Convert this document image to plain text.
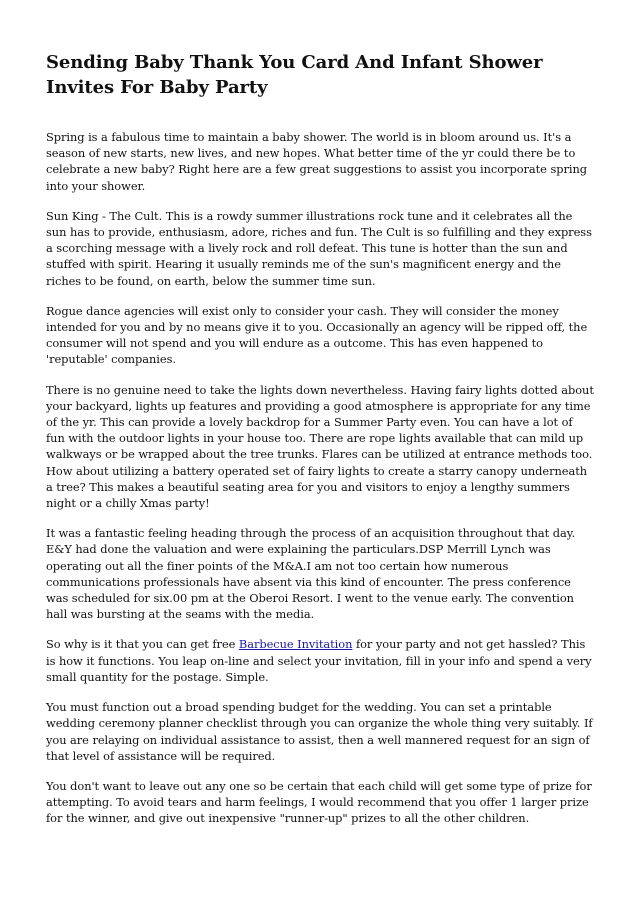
Sending Baby Thank You Card And Infant Shower Invites For Baby Party

Spring is a fabulous time to maintain a baby shower. The world is in bloom around us. It's a season of new starts, new lives, and new hopes. What better time of the yr could there be to celebrate a new baby? Right here are a few great suggestions to assist you incorporate spring into your shower.

Sun King - The Cult. This is a rowdy summer illustrations rock tune and it celebrates all the sun has to provide, enthusiasm, adore, riches and fun. The Cult is so fulfilling and they express a scorching message with a lively rock and roll defeat. This tune is hotter than the sun and stuffed with spirit. Hearing it usually reminds me of the sun's magnificent energy and the riches to be found, on earth, below the summer time sun.

Rogue dance agencies will exist only to consider your cash. They will consider the money intended for you and by no means give it to you. Occasionally an agency will be ripped off, the consumer will not spend and you will endure as a outcome. This has even happened to 'reputable' companies.

There is no genuine need to take the lights down nevertheless. Having fairy lights dotted about your backyard, lights up features and providing a good atmosphere is appropriate for any time of the yr. This can provide a lovely backdrop for a Summer Party even. You can have a lot of fun with the outdoor lights in your house too. There are rope lights available that can mild up walkways or be wrapped about the tree trunks. Flares can be utilized at entrance methods too. How about utilizing a battery operated set of fairy lights to create a starry canopy underneath a tree? This makes a beautiful seating area for you and visitors to enjoy a lengthy summers night or a chilly Xmas party!

It was a fantastic feeling heading through the process of an acquisition throughout that day. E&Y had done the valuation and were explaining the particulars.DSP Merrill Lynch was operating out all the finer points of the M&A.I am not too certain how numerous communications professionals have absent via this kind of encounter. The press conference was scheduled for six.00 pm at the Oberoi Resort. I went to the venue early. The convention hall was bursting at the seams with the media.

So why is it that you can get free Barbecue Invitation for your party and not get hassled? This is how it functions. You leap on-line and select your invitation, fill in your info and spend a very small quantity for the postage. Simple.

You must function out a broad spending budget for the wedding. You can set a printable wedding ceremony planner checklist through you can organize the whole thing very suitably. If you are relaying on individual assistance to assist, then a well mannered request for an sign of that level of assistance will be required.

You don't want to leave out any one so be certain that each child will get some type of prize for attempting. To avoid tears and harm feelings, I would recommend that you offer 1 larger prize for the winner, and give out inexpensive "runner-up" prizes to all the other children.
